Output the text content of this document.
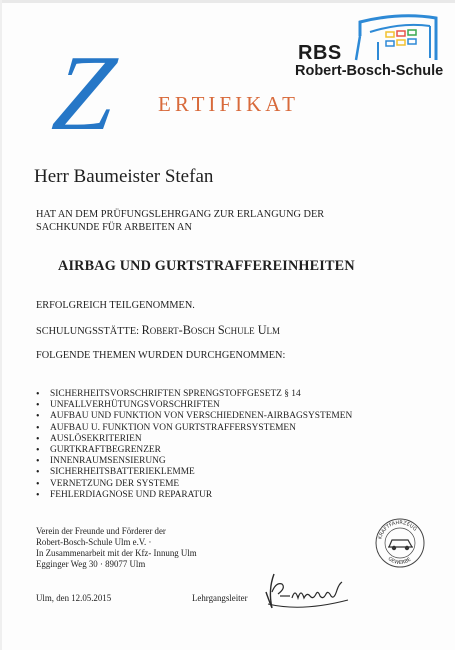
RBS
Robert-Bosch-Schule
Z ERTIFIKAT
Herr Baumeister Stefan
HAT AN DEM PRÜFUNGSLEHRGANG ZUR ERLANGUNG DER
SACHKUNDE FÜR ARBEITEN AN
AIRBAG UND GURTSTRAFFEREINHEITEN
ERFOLGREICH TEILGENOMMEN.
SCHULUNGSSTÄTTE: Robert-Bosch Schule Ulm
FOLGENDE THEMEN WURDEN DURCHGENOMMEN:
• SICHERHEITSVORSCHRIFTEN SPRENGSTOFFGESETZ § 14
• UNFALLVERHÜTUNGSVORSCHRIFTEN
• AUFBAU UND FUNKTION VON VERSCHIEDENEN-AIRBAGSYSTEMEN
• AUFBAU U. FUNKTION VON GURTSTRAFFERSYSTEMEN
• AUSLÖSEKRITERIEN
• GURTKRAFTBEGRENZER
• INNENRAUMSENSIERUNG
• SICHERHEITSBATTERIEKLEMME
• VERNETZUNG DER SYSTEME
• FEHLERDIAGNOSE UND REPARATUR
Verein der Freunde und Förderer der
Robert-Bosch-Schule Ulm e.V. ·
In Zusammenarbeit mit der Kfz- Innung Ulm
Egginger Weg 30 · 89077 Ulm
KRAFTFAHRZEUG
GEWERBE
Ulm, den 12.05.2015	Lehrgangsleiter
